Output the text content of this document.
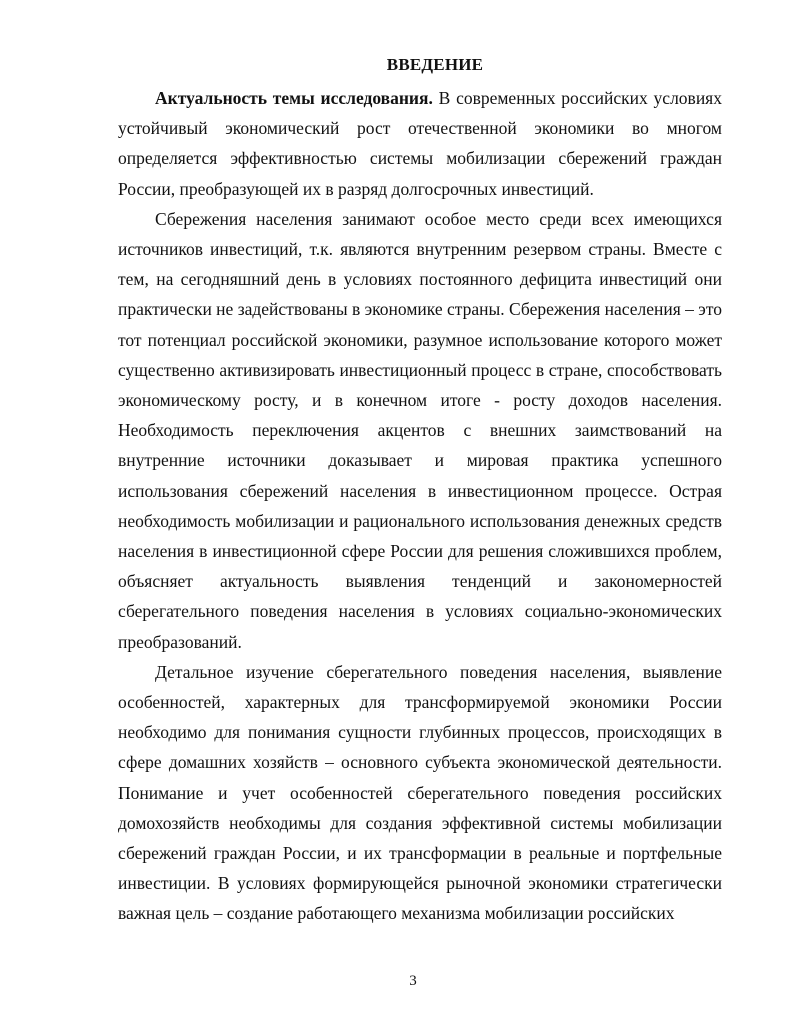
ВВЕДЕНИЕ

Актуальность темы исследования. В современных российских условиях устойчивый экономический рост отечественной экономики во многом определяется эффективностью системы мобилизации сбережений граждан России, преобразующей их в разряд долгосрочных инвестиций.

Сбережения населения занимают особое место среди всех имеющихся источников инвестиций, т.к. являются внутренним резервом страны. Вместе с тем, на сегодняшний день в условиях постоянного дефицита инвестиций они практически не задействованы в экономике страны. Сбережения населения – это тот потенциал российской экономики, разумное использование которого может существенно активизировать инвестиционный процесс в стране, способствовать экономическому росту, и в конечном итоге - росту доходов населения. Необходимость переключения акцентов с внешних заимствований на внутренние источники доказывает и мировая практика успешного использования сбережений населения в инвестиционном процессе. Острая необходимость мобилизации и рационального использования денежных средств населения в инвестиционной сфере России для решения сложившихся проблем, объясняет актуальность выявления тенденций и закономерностей сберегательного поведения населения в условиях социально-экономических преобразований.

Детальное изучение сберегательного поведения населения, выявление особенностей, характерных для трансформируемой экономики России необходимо для понимания сущности глубинных процессов, происходящих в сфере домашних хозяйств – основного субъекта экономической деятельности. Понимание и учет особенностей сберегательного поведения российских домохозяйств необходимы для создания эффективной системы мобилизации сбережений граждан России, и их трансформации в реальные и портфельные инвестиции. В условиях формирующейся рыночной экономики стратегически важная цель – создание работающего механизма мобилизации российских

3
